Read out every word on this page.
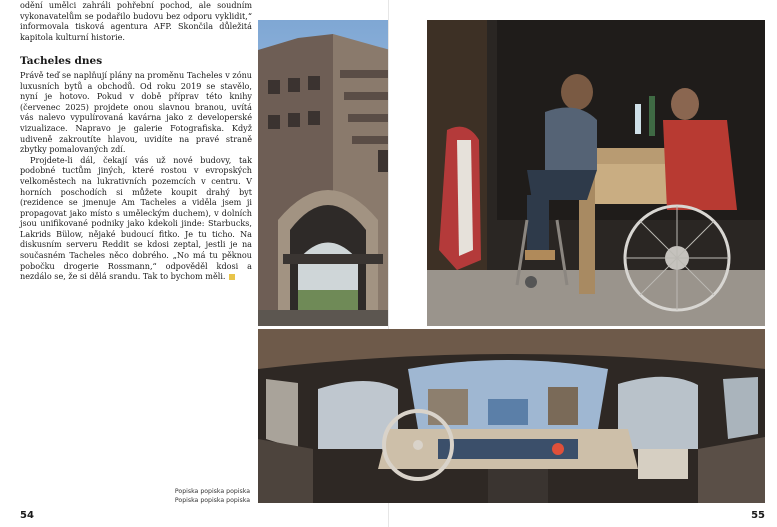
odění umělci zahráli pohřební pochod, ale soudním vykonavatelům se podařilo budovu bez odporu vyklidit,“ informovala tisková agentura AFP. Skončila důležitá kapitola kulturní historie.

Tacheles dnes

Právě teď se naplňují plány na proměnu Tacheles v zónu luxusních bytů a obchodů. Od roku 2019 se stavělo, nyní je hotovo. Pokud v době příprav této knihy (červenec 2025) projdete onou slavnou branou, uvítá vás nalevo vypulírovaná kavárna jako z developerské vizualizace. Napravo je galerie Fotografiska. Když udiveně zakroutíte hlavou, uvidíte na pravé straně zbytky pomalovaných zdí.

Projdete-li dál, čekají vás už nové budovy, tak podobné tuctům jiných, které rostou v evropských velkoměstech na lukrativních pozemcích v centru. V horních poschodích si můžete koupit drahý byt (rezidence se jmenuje Am Tacheles a viděla jsem ji propagovat jako místo s uměleckým duchem), v dolních jsou unifikované podniky jako kdekoli jinde: Starbucks, Lakrids Bülow, nějaké budoucí fitko. Je tu ticho. Na diskusním serveru Reddit se kdosi zeptal, jestli je na současném Tacheles něco dobrého. „No má tu pěknou pobočku drogerie Rossmann,“ odpověděl kdosi a nezdálo se, že si dělá srandu. Tak to bychom měli.

Popiska popiska popiska
Popiska popiska popiska
54	55
